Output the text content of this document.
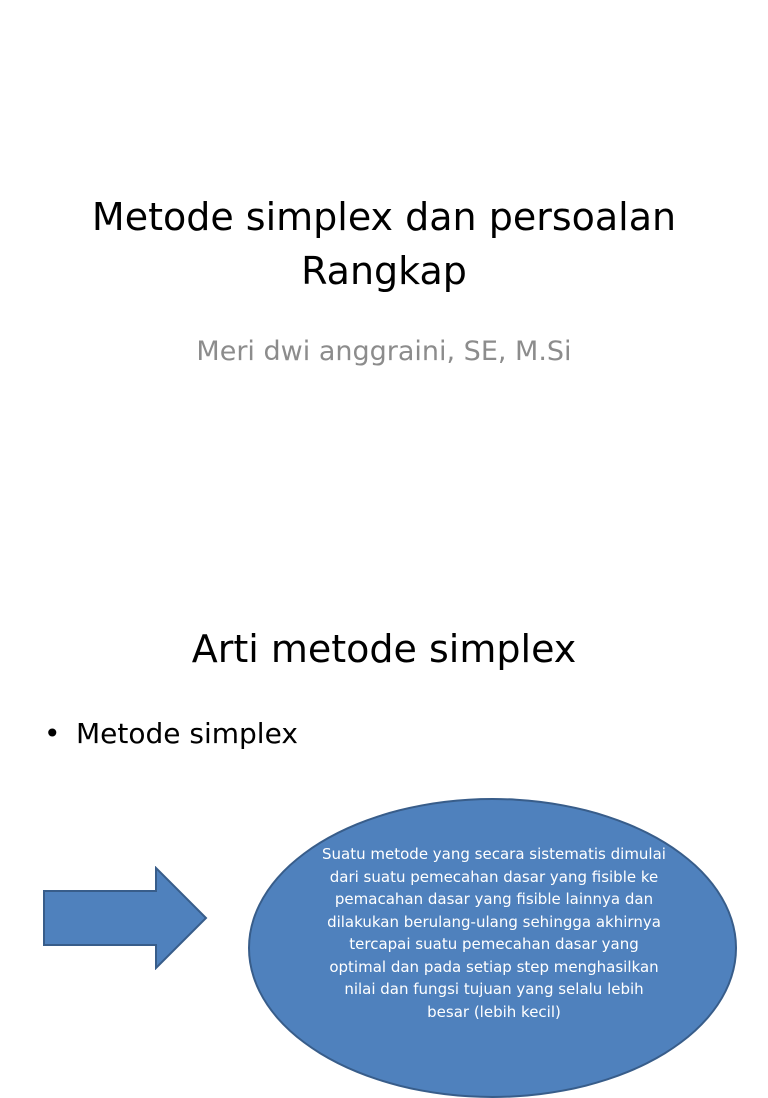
Metode simplex dan persoalan Rangkap

Meri dwi anggraini, SE, M.Si

Arti metode simplex
• Metode simplex

Suatu metode yang secara sistematis dimulai dari suatu pemecahan dasar yang fisible ke pemacahan dasar yang fisible lainnya dan dilakukan berulang-ulang sehingga akhirnya tercapai suatu pemecahan dasar yang optimal dan pada setiap step menghasilkan nilai dan fungsi tujuan yang selalu lebih besar (lebih kecil)
